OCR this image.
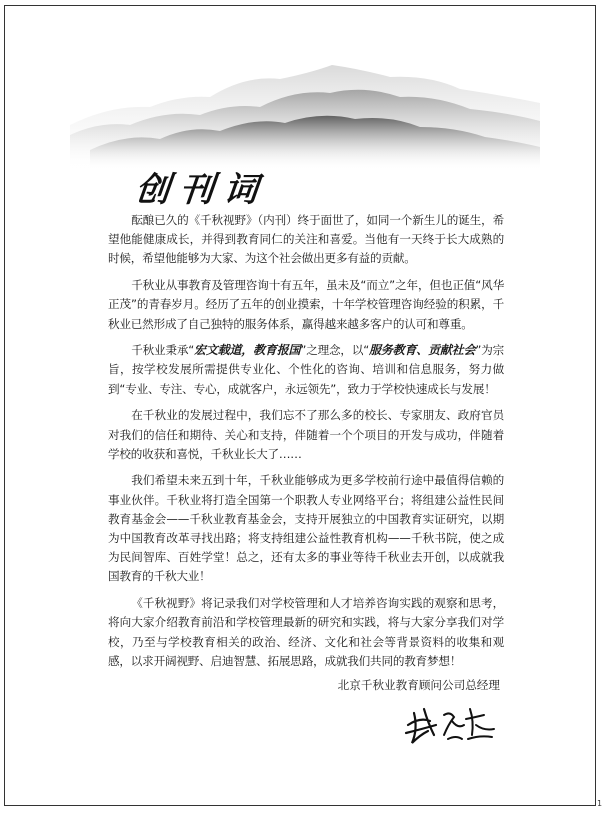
创刊词

酝酿已久的《千秋视野》（内刊）终于面世了，如同一个新生儿的诞生，希望他能健康成长，并得到教育同仁的关注和喜爱。当他有一天终于长大成熟的时候，希望他能够为大家、为这个社会做出更多有益的贡献。

千秋业从事教育及管理咨询十有五年，虽未及“而立”之年，但也正值“风华正茂”的青春岁月。经历了五年的创业摸索，十年学校管理咨询经验的积累，千秋业已然形成了自己独特的服务体系，赢得越来越多客户的认可和尊重。

千秋业秉承“宏文载道，教育报国”之理念，以“服务教育、贡献社会”为宗旨，按学校发展所需提供专业化、个性化的咨询、培训和信息服务，努力做到“专业、专注、专心，成就客户，永远领先”，致力于学校快速成长与发展！

在千秋业的发展过程中，我们忘不了那么多的校长、专家朋友、政府官员对我们的信任和期待、关心和支持，伴随着一个个项目的开发与成功，伴随着学校的收获和喜悦，千秋业长大了……

我们希望未来五到十年，千秋业能够成为更多学校前行途中最值得信赖的事业伙伴。千秋业将打造全国第一个职教人专业网络平台；将组建公益性民间教育基金会——千秋业教育基金会，支持开展独立的中国教育实证研究，以期为中国教育改革寻找出路；将支持组建公益性教育机构——千秋书院，使之成为民间智库、百姓学堂！总之，还有太多的事业等待千秋业去开创，以成就我国教育的千秋大业！

《千秋视野》将记录我们对学校管理和人才培养咨询实践的观察和思考，将向大家介绍教育前沿和学校管理最新的研究和实践，将与大家分享我们对学校，乃至与学校教育相关的政治、经济、文化和社会等背景资料的收集和观感，以求开阔视野、启迪智慧、拓展思路，成就我们共同的教育梦想！

北京千秋业教育顾问公司总经理
1
